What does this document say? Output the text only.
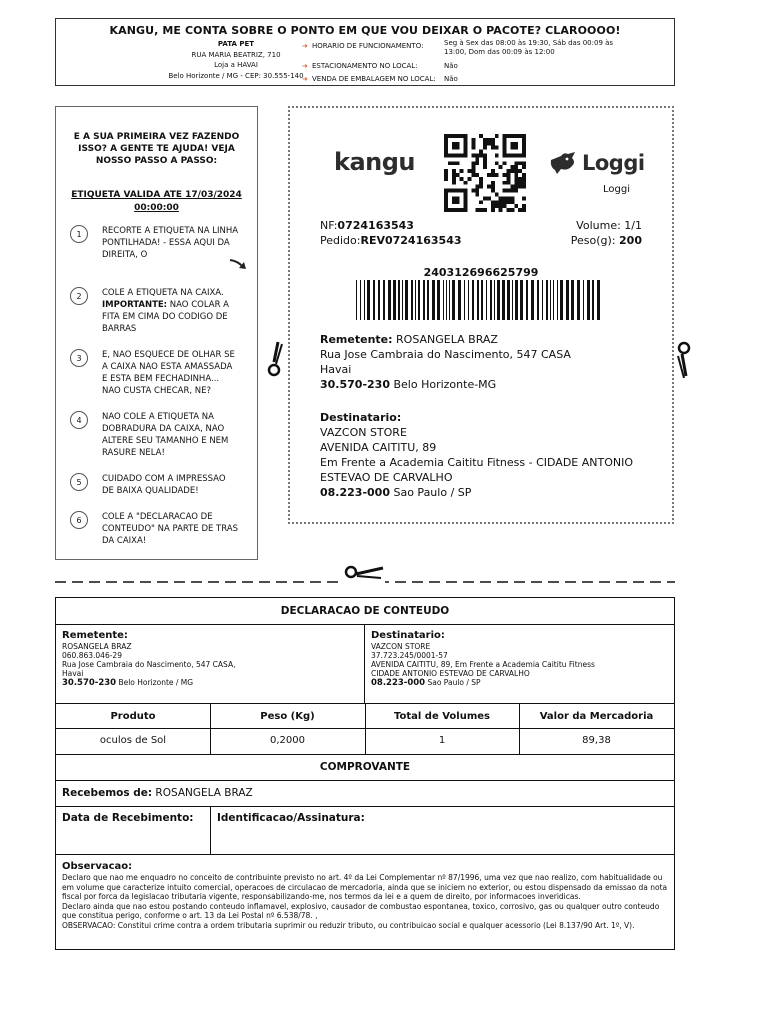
KANGU, ME CONTA SOBRE O PONTO EM QUE VOU DEIXAR O PACOTE? CLAROOOO!
PATA PET
RUA MARIA BEATRIZ, 710
Loja a HAVAI
Belo Horizonte / MG - CEP: 30.555-140
➜ HORARIO DE FUNCIONAMENTO:	Seg à Sex das 08:00 às 19:30, Sáb das 00:09 às 13:00, Dom das 00:09 às 12:00
➜ ESTACIONAMENTO NO LOCAL:	Não
➜ VENDA DE EMBALAGEM NO LOCAL:	Não
E A SUA PRIMEIRA VEZ FAZENDO ISSO? A GENTE TE AJUDA! VEJA NOSSO PASSO A PASSO:
ETIQUETA VALIDA ATE 17/03/2024 00:00:00
1	RECORTE A ETIQUETA NA LINHA PONTILHADA! - ESSA AQUI DA DIREITA, O
2	COLE A ETIQUETA NA CAIXA.
IMPORTANTE: NAO COLAR A FITA EM CIMA DO CODIGO DE BARRAS
3	E, NAO ESQUECE DE OLHAR SE A CAIXA NAO ESTA AMASSADA E ESTA BEM FECHADINHA... NAO CUSTA CHECAR, NE?
4	NAO COLE A ETIQUETA NA DOBRADURA DA CAIXA, NAO ALTERE SEU TAMANHO E NEM RASURE NELA!
5	CUIDADO COM A IMPRESSAO DE BAIXA QUALIDADE!
6	COLE A "DECLARACAO DE CONTEUDO" NA PARTE DE TRAS DA CAIXA!
kangu	Loggi
Loggi
NF:0724163543
Pedido:REV0724163543
Volume: 1/1
Peso(g): 200
240312696625799
Remetente: ROSANGELA BRAZ
Rua Jose Cambraia do Nascimento, 547 CASA
Havai
30.570-230 Belo Horizonte-MG
Destinatario:
VAZCON STORE
AVENIDA CAITITU, 89
Em Frente a Academia Caititu Fitness - CIDADE ANTONIO
ESTEVAO DE CARVALHO
08.223-000 Sao Paulo / SP
DECLARACAO DE CONTEUDO
Remetente:
ROSANGELA BRAZ
060.863.046-29
Rua Jose Cambraia do Nascimento, 547 CASA,
Havai
30.570-230 Belo Horizonte / MG
Destinatario:
VAZCON STORE
37.723.245/0001-57
AVENIDA CAITITU, 89, Em Frente a Academia Caititu Fitness
CIDADE ANTONIO ESTEVAO DE CARVALHO
08.223-000 Sao Paulo / SP
Produto	Peso (Kg)	Total de Volumes	Valor da Mercadoria
oculos de Sol	0,2000	1	89,38
COMPROVANTE
Recebemos de: ROSANGELA BRAZ
Data de Recebimento: Identificacao/Assinatura:
Observacao:
Declaro que nao me enquadro no conceito de contribuinte previsto no art. 4º da Lei Complementar nº 87/1996, uma vez que nao realizo, com habitualidade ou em volume que caracterize intuito comercial, operacoes de circulacao de mercadoria, ainda que se iniciem no exterior, ou estou dispensado da emissao da nota fiscal por forca da legislacao tributaria vigente, responsabilizando-me, nos termos da lei e a quem de direito, por informacoes inveridicas.
Declaro ainda que nao estou postando conteudo inflamavel, explosivo, causador de combustao espontanea, toxico, corrosivo, gas ou qualquer outro conteudo que constitua perigo, conforme o art. 13 da Lei Postal nº 6.538/78. ,
OBSERVACAO: Constitui crime contra a ordem tributaria suprimir ou reduzir tributo, ou contribuicao social e qualquer acessorio (Lei 8.137/90 Art. 1º, V).
